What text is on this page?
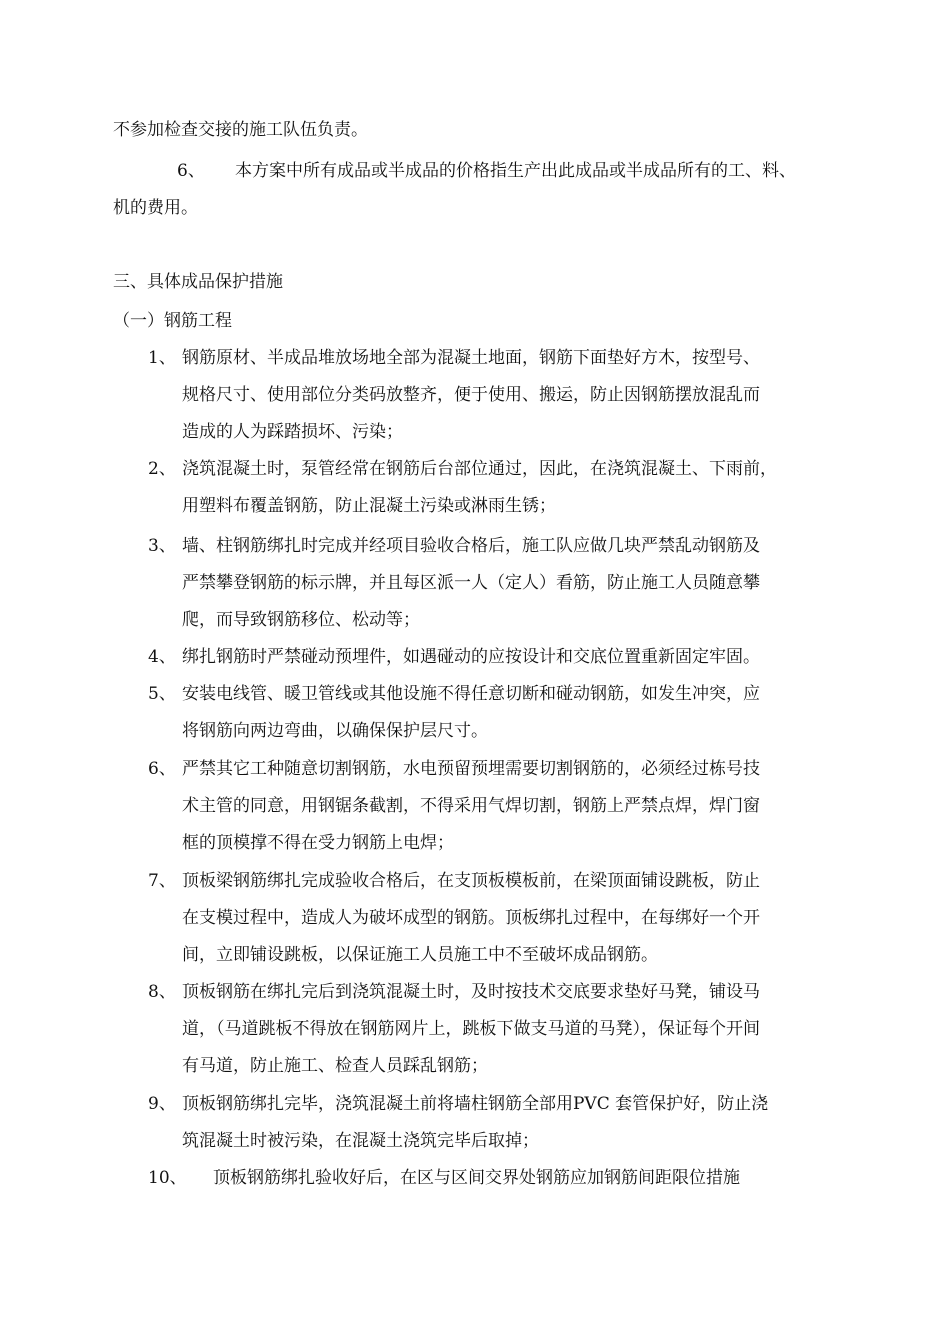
不参加检查交接的施工队伍负责。
6、 本方案中所有成品或半成品的价格指生产出此成品或半成品所有的工、料、
机的费用。
三、具体成品保护措施
（一）钢筋工程
1、 钢筋原材、半成品堆放场地全部为混凝土地面，钢筋下面垫好方木，按型号、
规格尺寸、使用部位分类码放整齐，便于使用、搬运，防止因钢筋摆放混乱而
造成的人为踩踏损坏、污染；
2、 浇筑混凝土时，泵管经常在钢筋后台部位通过，因此，在浇筑混凝土、下雨前，
用塑料布覆盖钢筋，防止混凝土污染或淋雨生锈；
3、 墙、柱钢筋绑扎时完成并经项目验收合格后，施工队应做几块严禁乱动钢筋及
严禁攀登钢筋的标示牌，并且每区派一人（定人）看筋，防止施工人员随意攀
爬，而导致钢筋移位、松动等；
4、 绑扎钢筋时严禁碰动预埋件，如遇碰动的应按设计和交底位置重新固定牢固。
5、 安装电线管、暖卫管线或其他设施不得任意切断和碰动钢筋，如发生冲突，应
将钢筋向两边弯曲，以确保保护层尺寸。
6、 严禁其它工种随意切割钢筋，水电预留预埋需要切割钢筋的，必须经过栋号技
术主管的同意，用钢锯条截割，不得采用气焊切割，钢筋上严禁点焊，焊门窗
框的顶模撑不得在受力钢筋上电焊；
7、 顶板梁钢筋绑扎完成验收合格后，在支顶板模板前，在梁顶面铺设跳板，防止
在支模过程中，造成人为破坏成型的钢筋。顶板绑扎过程中，在每绑好一个开
间，立即铺设跳板，以保证施工人员施工中不至破坏成品钢筋。
8、 顶板钢筋在绑扎完后到浇筑混凝土时，及时按技术交底要求垫好马凳，铺设马
道，（马道跳板不得放在钢筋网片上，跳板下做支马道的马凳），保证每个开间
有马道，防止施工、检查人员踩乱钢筋；
9、 顶板钢筋绑扎完毕，浇筑混凝土前将墙柱钢筋全部用PVC 套管保护好，防止浇
筑混凝土时被污染，在混凝土浇筑完毕后取掉；
10、 顶板钢筋绑扎验收好后，在区与区间交界处钢筋应加钢筋间距限位措施
